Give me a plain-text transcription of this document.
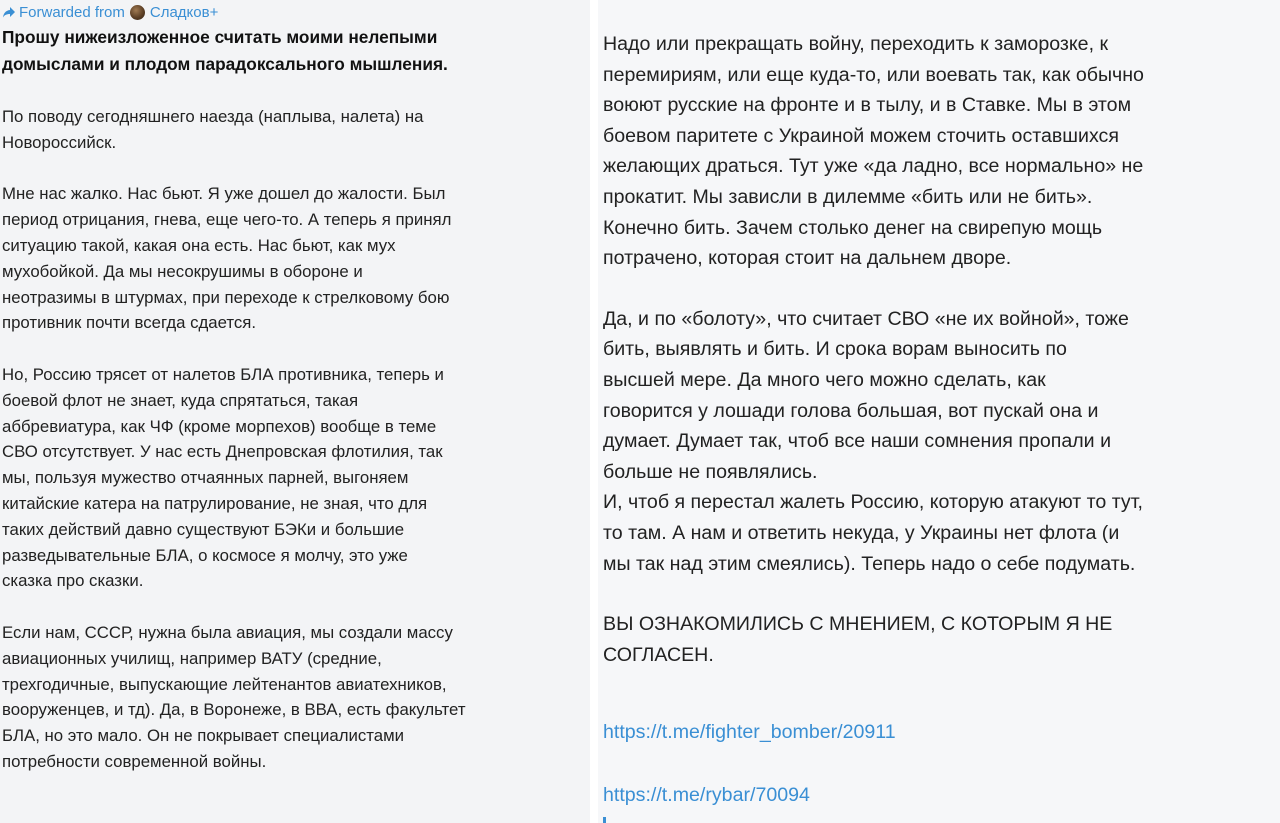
Forwarded from Сладков+
Прошу нижеизложенное считать моими нелепыми
домыслами и плодом парадоксального мышления.
По поводу сегодняшнего наезда (наплыва, налета) на
Новороссийск.
Мне нас жалко. Нас бьют. Я уже дошел до жалости. Был
период отрицания, гнева, еще чего-то. А теперь я принял
ситуацию такой, какая она есть. Нас бьют, как мух
мухобойкой. Да мы несокрушимы в обороне и
неотразимы в штурмах, при переходе к стрелковому бою
противник почти всегда сдается.
Но, Россию трясет от налетов БЛА противника, теперь и
боевой флот не знает, куда спрятаться, такая
аббревиатура, как ЧФ (кроме морпехов) вообще в теме
СВО отсутствует. У нас есть Днепровская флотилия, так
мы, пользуя мужество отчаянных парней, выгоняем
китайские катера на патрулирование, не зная, что для
таких действий давно существуют БЭКи и большие
разведывательные БЛА, о космосе я молчу, это уже
сказка про сказки.
Если нам, СССР, нужна была авиация, мы создали массу
авиационных училищ, например ВАТУ (средние,
трехгодичные, выпускающие лейтенантов авиатехников,
вооруженцев, и тд). Да, в Воронеже, в ВВА, есть факультет
БЛА, но это мало. Он не покрывает специалистами
потребности современной войны.
Надо или прекращать войну, переходить к заморозке, к
перемириям, или еще куда-то, или воевать так, как обычно
воюют русские на фронте и в тылу, и в Ставке. Мы в этом
боевом паритете с Украиной можем сточить оставшихся
желающих драться. Тут уже «да ладно, все нормально» не
прокатит. Мы зависли в дилемме «бить или не бить».
Конечно бить. Зачем столько денег на свирепую мощь
потрачено, которая стоит на дальнем дворе.
Да, и по «болоту», что считает СВО «не их войной», тоже
бить, выявлять и бить. И срока ворам выносить по
высшей мере. Да много чего можно сделать, как
говорится у лошади голова большая, вот пускай она и
думает. Думает так, чтоб все наши сомнения пропали и
больше не появлялись.
И, чтоб я перестал жалеть Россию, которую атакуют то тут,
то там. А нам и ответить некуда, у Украины нет флота (и
мы так над этим смеялись). Теперь надо о себе подумать.
ВЫ ОЗНАКОМИЛИСЬ С МНЕНИЕМ, С КОТОРЫМ Я НЕ
СОГЛАСЕН.
https://t.me/fighter_bomber/20911
https://t.me/rybar/70094
